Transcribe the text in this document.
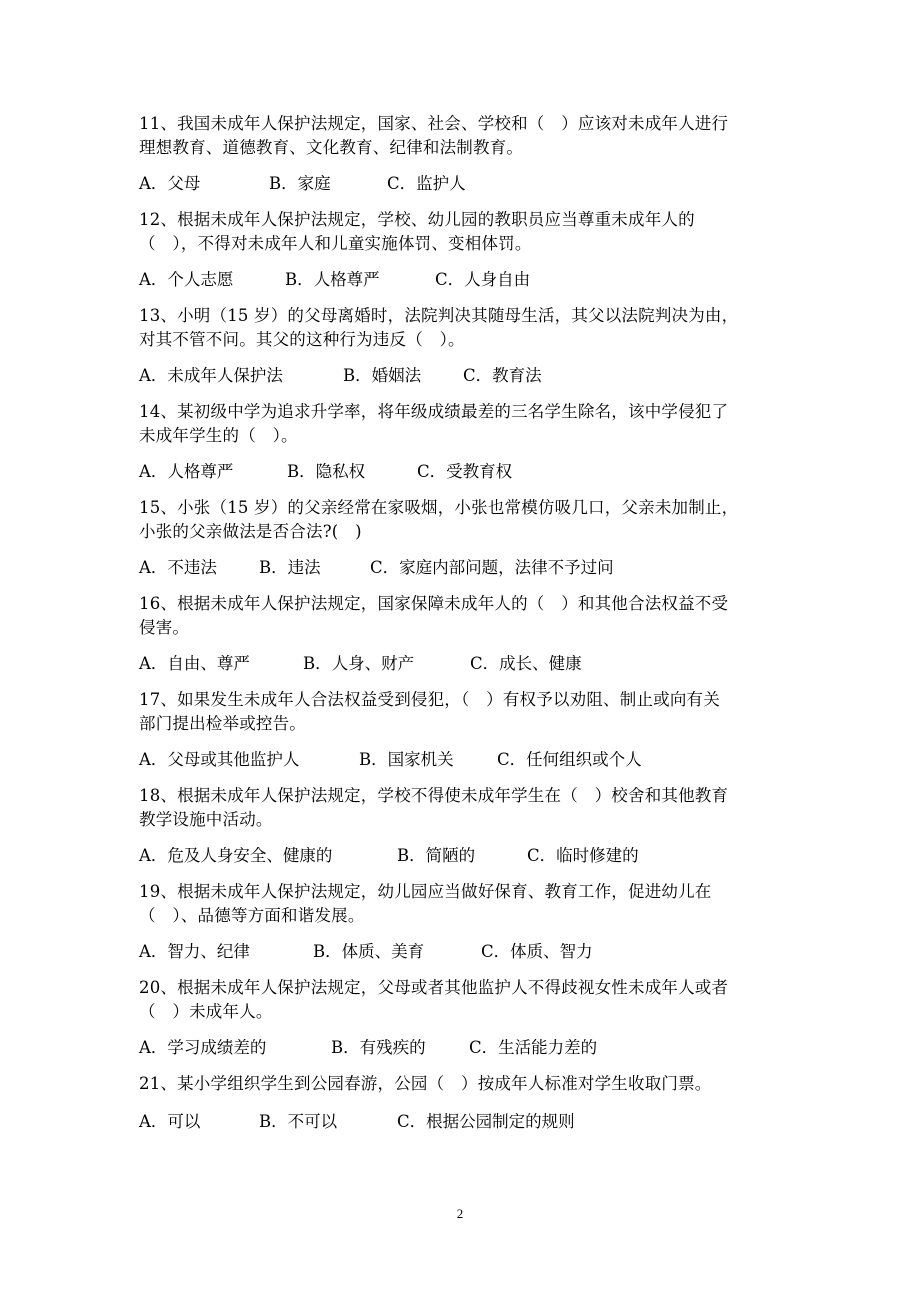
11、我国未成年人保护法规定，国家、社会、学校和（　）应该对未成年人进行
理想教育、道德教育、文化教育、纪律和法制教育。
A．父母	B．家庭	C．监护人
12、根据未成年人保护法规定，学校、幼儿园的教职员应当尊重未成年人的
（　），不得对未成年人和儿童实施体罚、变相体罚。
A．个人志愿	B．人格尊严	C．人身自由
13、小明（15 岁）的父母离婚时，法院判决其随母生活，其父以法院判决为由，
对其不管不问。其父的这种行为违反（　）。
A．未成年人保护法	B．婚姻法	C．教育法
14、某初级中学为追求升学率，将年级成绩最差的三名学生除名，该中学侵犯了
未成年学生的（　）。
A．人格尊严	B．隐私权	C．受教育权
15、小张（15 岁）的父亲经常在家吸烟，小张也常模仿吸几口，父亲未加制止，
小张的父亲做法是否合法?(　)
A．不违法	B．违法	C．家庭内部问题，法律不予过问
16、根据未成年人保护法规定，国家保障未成年人的（　）和其他合法权益不受
侵害。
A．自由、尊严	B．人身、财产	C．成长、健康
17、如果发生未成年人合法权益受到侵犯，（　）有权予以劝阻、制止或向有关
部门提出检举或控告。
A．父母或其他监护人	B．国家机关	C．任何组织或个人
18、根据未成年人保护法规定，学校不得使未成年学生在（　）校舍和其他教育
教学设施中活动。
A．危及人身安全、健康的	B．简陋的	C．临时修建的
19、根据未成年人保护法规定，幼儿园应当做好保育、教育工作，促进幼儿在
（　）、品德等方面和谐发展。
A．智力、纪律	B．体质、美育	C．体质、智力
20、根据未成年人保护法规定，父母或者其他监护人不得歧视女性未成年人或者
（　）未成年人。
A．学习成绩差的	B．有残疾的	C．生活能力差的
21、某小学组织学生到公园春游，公园（　）按成年人标准对学生收取门票。
A．可以	B．不可以	C．根据公园制定的规则
2
